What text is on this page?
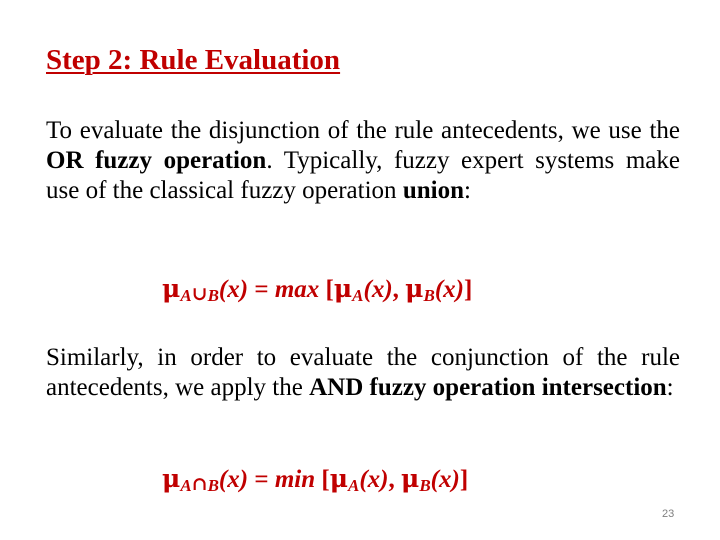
Step 2: Rule Evaluation

To evaluate the disjunction of the rule antecedents, we use the OR fuzzy operation. Typically, fuzzy expert systems make use of the classical fuzzy operation union:

$\mu_A\cup_B(x) = \max [\mu_A(x)$, $\mu_B(x)$]

Similarly, in order to evaluate the conjunction of the rule antecedents, we apply the AND fuzzy operation intersection:

$\mu_A\cap_B(x) = \min [\mu_A(x)$, $\mu_B(x)$]
23
